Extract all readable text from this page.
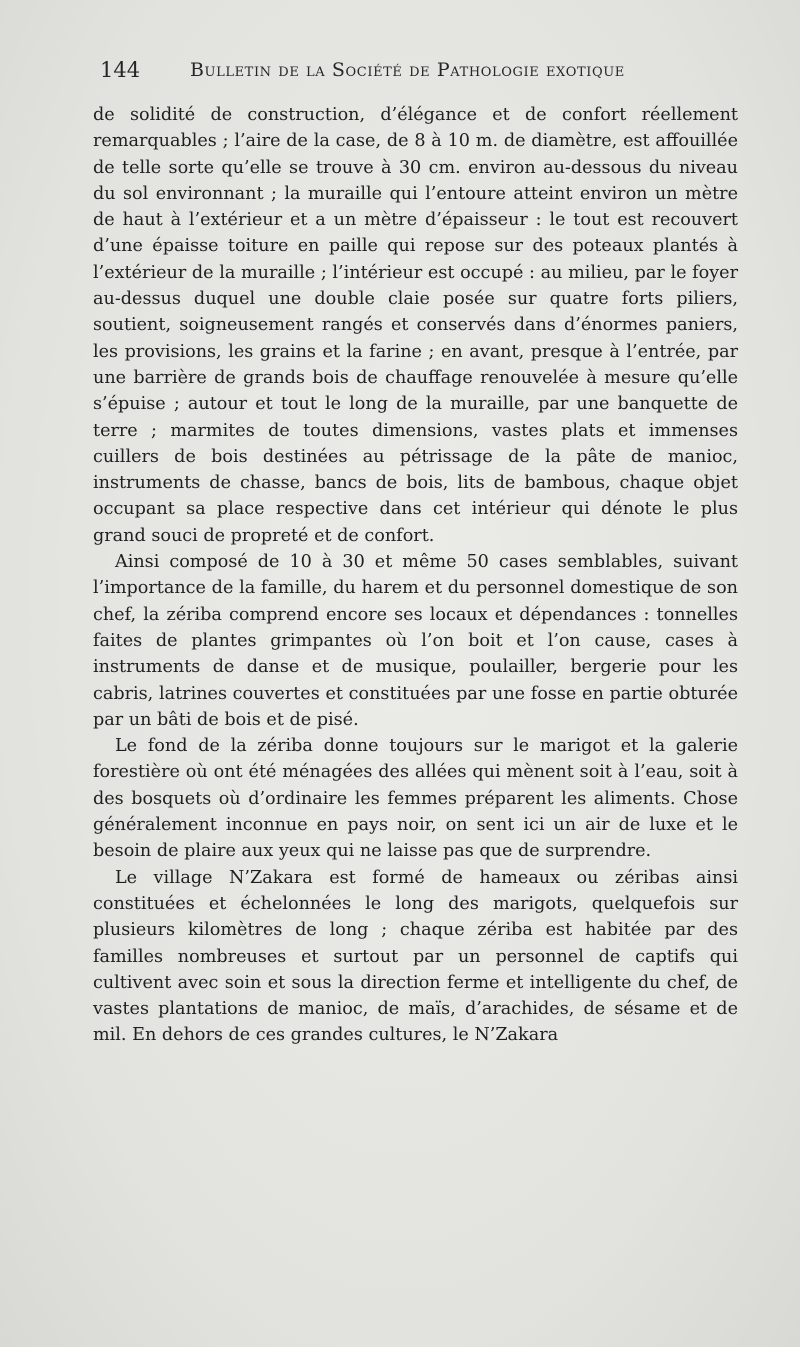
144	Bulletin de la Société de Pathologie exotique

de solidité de construction, d’élégance et de confort réellement remarquables ; l’aire de la case, de 8 à 10 m. de diamètre, est affouillée de telle sorte qu’elle se trouve à 30 cm. environ au-dessous du niveau du sol environnant ; la muraille qui l’entoure atteint environ un mètre de haut à l’extérieur et a un mètre d’épaisseur : le tout est recouvert d’une épaisse toiture en paille qui repose sur des poteaux plantés à l’extérieur de la muraille ; l’intérieur est occupé : au milieu, par le foyer au-dessus duquel une double claie posée sur quatre forts piliers, soutient, soigneusement rangés et conservés dans d’énormes paniers, les provisions, les grains et la farine ; en avant, presque à l’entrée, par une barrière de grands bois de chauffage renouvelée à mesure qu’elle s’épuise ; autour et tout le long de la muraille, par une banquette de terre ; marmites de toutes dimensions, vastes plats et immenses cuillers de bois destinées au pétrissage de la pâte de manioc, instruments de chasse, bancs de bois, lits de bambous, chaque objet occupant sa place respective dans cet intérieur qui dénote le plus grand souci de propreté et de confort.

Ainsi composé de 10 à 30 et même 50 cases semblables, suivant l’importance de la famille, du harem et du personnel domestique de son chef, la zériba comprend encore ses locaux et dépendances : tonnelles faites de plantes grimpantes où l’on boit et l’on cause, cases à instruments de danse et de musique, poulailler, bergerie pour les cabris, latrines couvertes et constituées par une fosse en partie obturée par un bâti de bois et de pisé.

Le fond de la zériba donne toujours sur le marigot et la galerie forestière où ont été ménagées des allées qui mènent soit à l’eau, soit à des bosquets où d’ordinaire les femmes préparent les aliments. Chose généralement inconnue en pays noir, on sent ici un air de luxe et le besoin de plaire aux yeux qui ne laisse pas que de surprendre.

Le village N’Zakara est formé de hameaux ou zéribas ainsi constituées et échelonnées le long des marigots, quelquefois sur plusieurs kilomètres de long ; chaque zériba est habitée par des familles nombreuses et surtout par un personnel de captifs qui cultivent avec soin et sous la direction ferme et intelligente du chef, de vastes plantations de manioc, de maïs, d’arachides, de sésame et de mil. En dehors de ces grandes cultures, le N’Zakara
